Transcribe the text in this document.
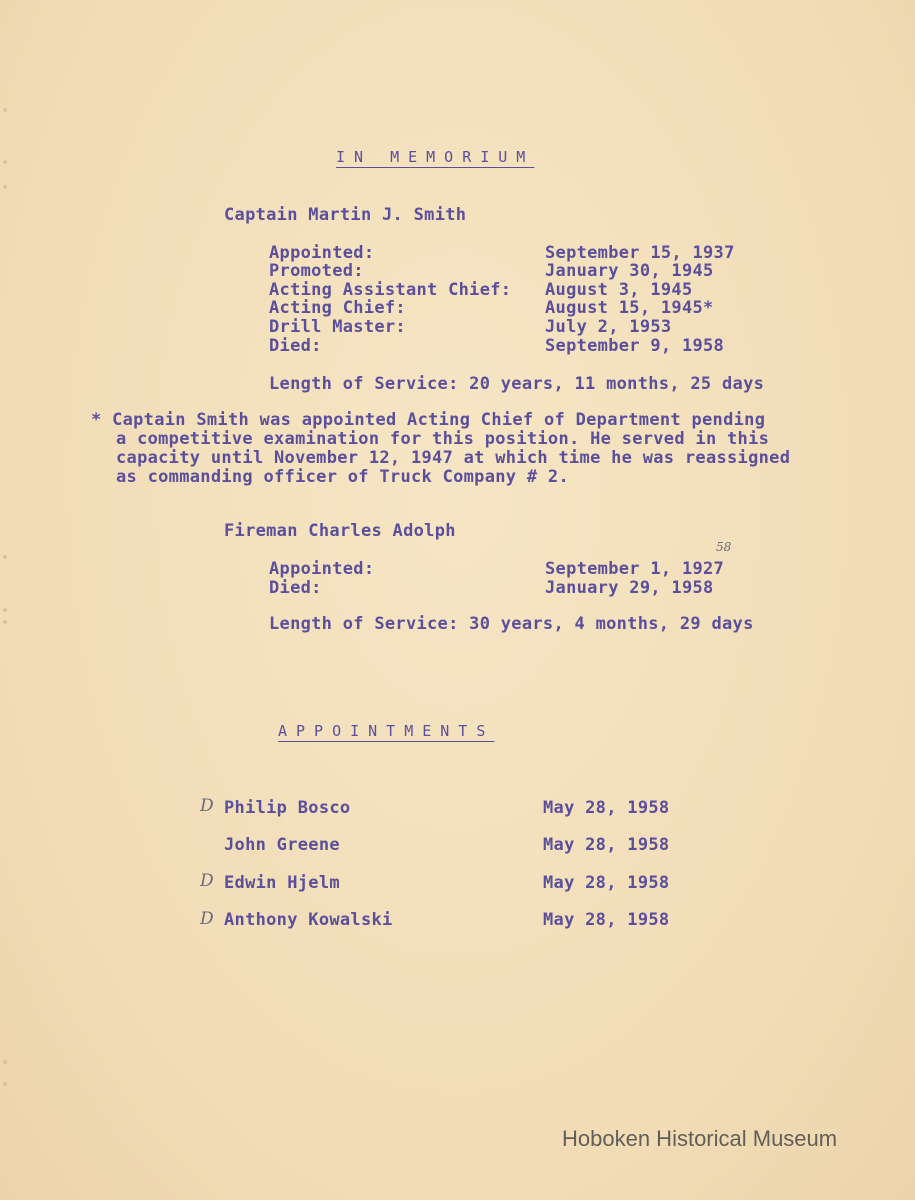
IN MEMORIUM
Captain Martin J. Smith
Appointed:	September 15, 1937
Promoted:	January 30, 1945
Acting Assistant Chief: August 3, 1945
Acting Chief:	August 15, 1945*
Drill Master:	July 2, 1953
Died:	September 9, 1958
Length of Service: 20 years, 11 months, 25 days
* Captain Smith was appointed Acting Chief of Department pending
a competitive examination for this position. He served in this
capacity until November 12, 1947 at which time he was reassigned
as commanding officer of Truck Company # 2.
Fireman Charles Adolph
58
Appointed:	September 1, 1927
Died:	January 29, 1958
Length of Service: 30 years, 4 months, 29 days
APPOINTMENTS
D Philip Bosco	May 28, 1958
John Greene	May 28, 1958
D Edwin Hjelm	May 28, 1958
D Anthony Kowalski	May 28, 1958
Hoboken Historical Museum
